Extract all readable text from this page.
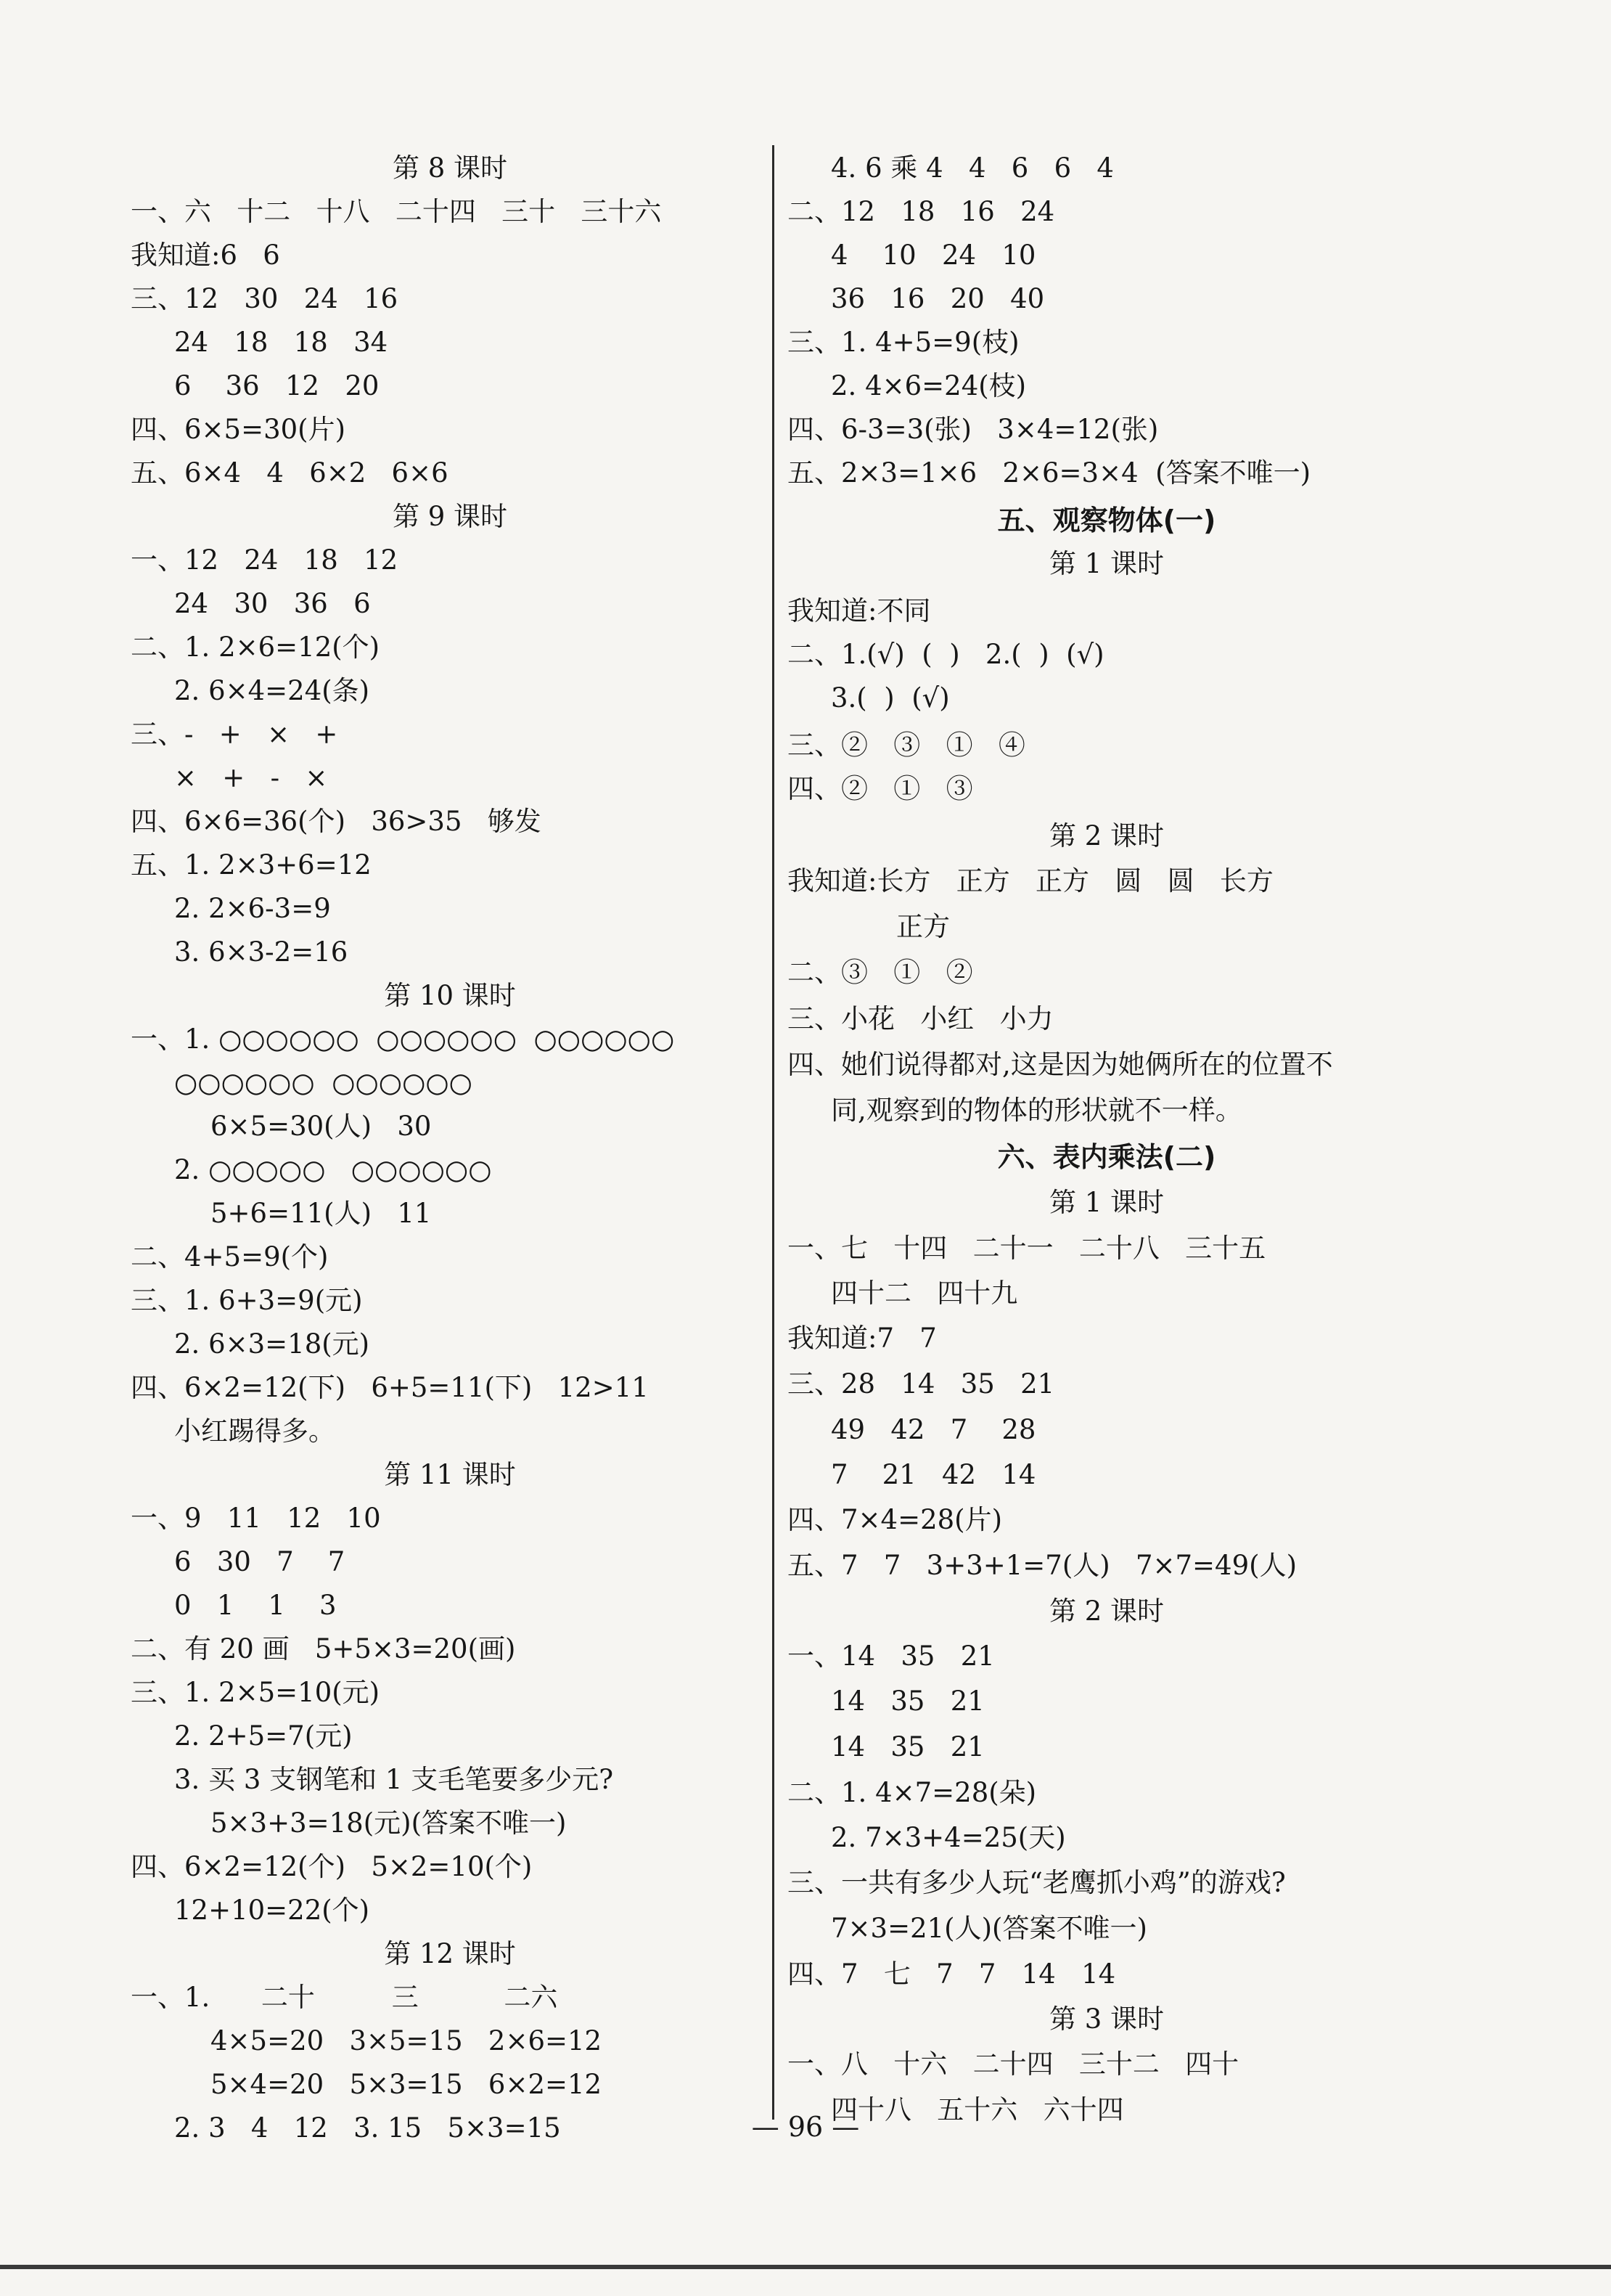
第 8 课时
一、六   十二   十八   二十四   三十   三十六
我知道:6   6
三、12   30   24   16
24   18   18   34
6    36   12   20
四、6×5=30(片)
五、6×4   4   6×2   6×6
第 9 课时
一、12   24   18   12
24   30   36   6
二、1. 2×6=12(个)
2. 6×4=24(条)
三、-   +   ×   +
×   +   -   ×
四、6×6=36(个)   36>35   够发
五、1. 2×3+6=12
2. 2×6-3=9
3. 6×3-2=16
第 10 课时
一、1. ○○○○○○  ○○○○○○  ○○○○○○
○○○○○○  ○○○○○○
6×5=30(人)   30
2. ○○○○○   ○○○○○○
5+6=11(人)   11
二、4+5=9(个)
三、1. 6+3=9(元)
2. 6×3=18(元)
四、6×2=12(下)   6+5=11(下)   12>11
小红踢得多。
第 11 课时
一、9   11   12   10
6   30   7    7
0   1    1    3
二、有 20 画   5+5×3=20(画)
三、1. 2×5=10(元)
2. 2+5=7(元)
3. 买 3 支钢笔和 1 支毛笔要多少元?
5×3+3=18(元)(答案不唯一)
四、6×2=12(个)   5×2=10(个)
12+10=22(个)
第 12 课时
一、1.      二十         三          二六
4×5=20   3×5=15   2×6=12
5×4=20   5×3=15   6×2=12
2. 3   4   12   3. 15   5×3=15
4. 6 乘 4   4   6   6   4
二、12   18   16   24
4    10   24   10
36   16   20   40
三、1. 4+5=9(枝)
2. 4×6=24(枝)
四、6-3=3(张)   3×4=12(张)
五、2×3=1×6   2×6=3×4  (答案不唯一)
五、观察物体(一)
第 1 课时
我知道:不同
二、1.(√)  (  )   2.(  )  (√)
3.(  )  (√)
三、②   ③   ①   ④
四、②   ①   ③
第 2 课时
我知道:长方   正方   正方   圆   圆   长方
正方
二、③   ①   ②
三、小花   小红   小力
四、她们说得都对,这是因为她俩所在的位置不
同,观察到的物体的形状就不一样。
六、表内乘法(二)
第 1 课时
一、七   十四   二十一   二十八   三十五
四十二   四十九
我知道:7   7
三、28   14   35   21
49   42   7    28
7    21   42   14
四、7×4=28(片)
五、7   7   3+3+1=7(人)   7×7=49(人)
第 2 课时
一、14   35   21
14   35   21
14   35   21
二、1. 4×7=28(朵)
2. 7×3+4=25(天)
三、一共有多少人玩“老鹰抓小鸡”的游戏?
7×3=21(人)(答案不唯一)
四、7   七   7   7   14   14
第 3 课时
一、八   十六   二十四   三十二   四十
四十八   五十六   六十四
— 96 —
